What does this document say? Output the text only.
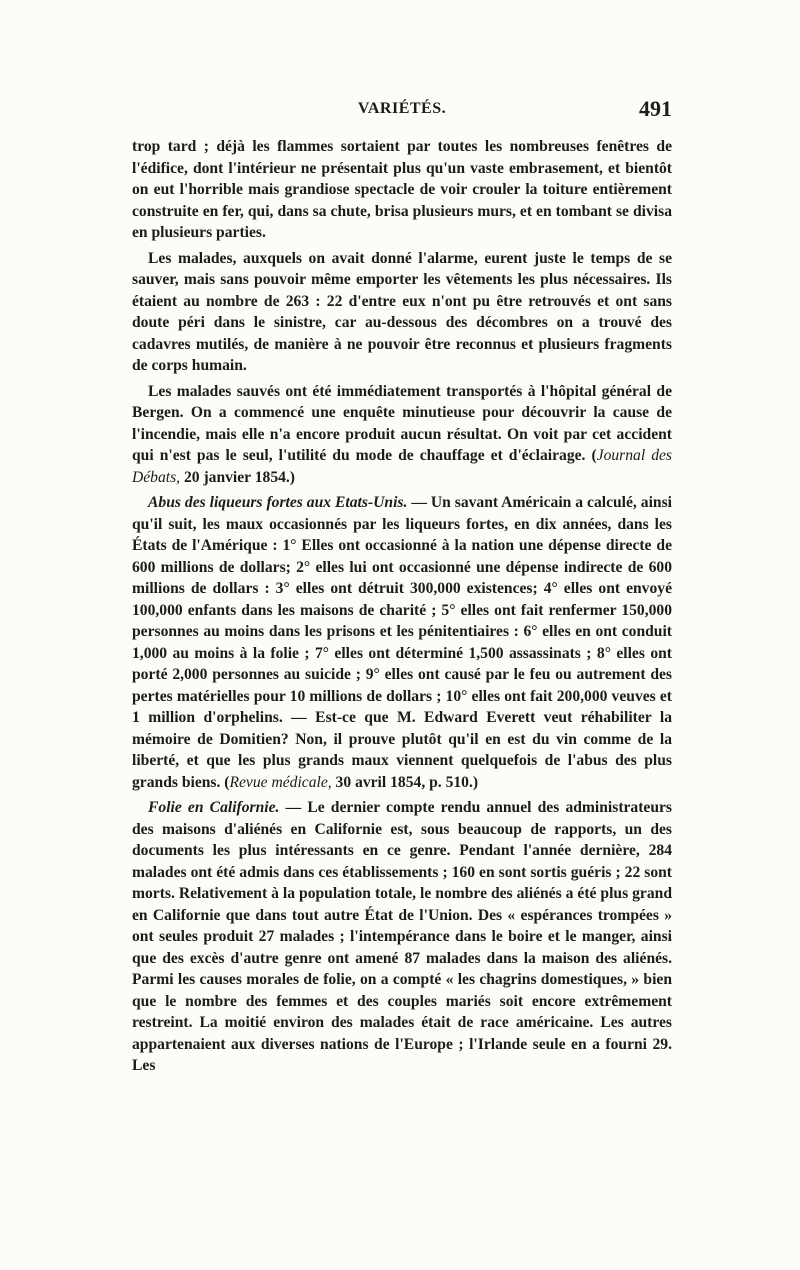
VARIÉTÉS.	491

trop tard ; déjà les flammes sortaient par toutes les nombreuses fenêtres de l'édifice, dont l'intérieur ne présentait plus qu'un vaste embrasement, et bientôt on eut l'horrible mais grandiose spectacle de voir crouler la toiture entièrement construite en fer, qui, dans sa chute, brisa plusieurs murs, et en tombant se divisa en plusieurs parties.

Les malades, auxquels on avait donné l'alarme, eurent juste le temps de se sauver, mais sans pouvoir même emporter les vêtements les plus nécessaires. Ils étaient au nombre de 263 : 22 d'entre eux n'ont pu être retrouvés et ont sans doute péri dans le sinistre, car au-dessous des décombres on a trouvé des cadavres mutilés, de manière à ne pouvoir être reconnus et plusieurs fragments de corps humain.

Les malades sauvés ont été immédiatement transportés à l'hôpital général de Bergen. On a commencé une enquête minutieuse pour découvrir la cause de l'incendie, mais elle n'a encore produit aucun résultat. On voit par cet accident qui n'est pas le seul, l'utilité du mode de chauffage et d'éclairage. (Journal des Débats, 20 janvier 1854.)

Abus des liqueurs fortes aux Etats-Unis. — Un savant Américain a calculé, ainsi qu'il suit, les maux occasionnés par les liqueurs fortes, en dix années, dans les États de l'Amérique : 1° Elles ont occasionné à la nation une dépense directe de 600 millions de dollars; 2° elles lui ont occasionné une dépense indirecte de 600 millions de dollars : 3° elles ont détruit 300,000 existences; 4° elles ont envoyé 100,000 enfants dans les maisons de charité ; 5° elles ont fait renfermer 150,000 personnes au moins dans les prisons et les pénitentiaires : 6° elles en ont conduit 1,000 au moins à la folie ; 7° elles ont déterminé 1,500 assassinats ; 8° elles ont porté 2,000 personnes au suicide ; 9° elles ont causé par le feu ou autrement des pertes matérielles pour 10 millions de dollars ; 10° elles ont fait 200,000 veuves et 1 million d'orphelins. — Est-ce que M. Edward Everett veut réhabiliter la mémoire de Domitien? Non, il prouve plutôt qu'il en est du vin comme de la liberté, et que les plus grands maux viennent quelquefois de l'abus des plus grands biens. (Revue médicale, 30 avril 1854, p. 510.)

Folie en Californie. — Le dernier compte rendu annuel des administrateurs des maisons d'aliénés en Californie est, sous beaucoup de rapports, un des documents les plus intéressants en ce genre. Pendant l'année dernière, 284 malades ont été admis dans ces établissements ; 160 en sont sortis guéris ; 22 sont morts. Relativement à la population totale, le nombre des aliénés a été plus grand en Californie que dans tout autre État de l'Union. Des « espérances trompées » ont seules produit 27 malades ; l'intempérance dans le boire et le manger, ainsi que des excès d'autre genre ont amené 87 malades dans la maison des aliénés. Parmi les causes morales de folie, on a compté « les chagrins domestiques, » bien que le nombre des femmes et des couples mariés soit encore extrêmement restreint. La moitié environ des malades était de race américaine. Les autres appartenaient aux diverses nations de l'Europe ; l'Irlande seule en a fourni 29. Les
